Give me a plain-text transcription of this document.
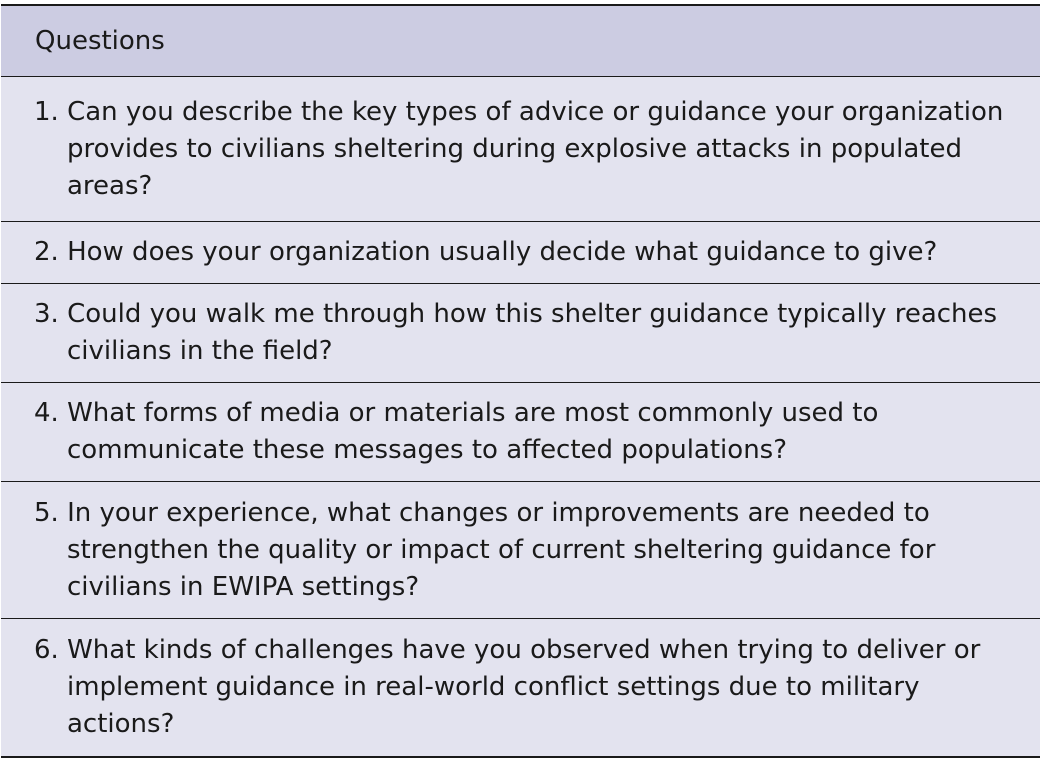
Questions
1. Can you describe the key types of advice or guidance your organization
provides to civilians sheltering during explosive attacks in populated
areas?
2. How does your organization usually decide what guidance to give?
3. Could you walk me through how this shelter guidance typically reaches
civilians in the field?
4. What forms of media or materials are most commonly used to
communicate these messages to affected populations?
5. In your experience, what changes or improvements are needed to
strengthen the quality or impact of current sheltering guidance for
civilians in EWIPA settings?
6. What kinds of challenges have you observed when trying to deliver or
implement guidance in real-world conflict settings due to military
actions?
